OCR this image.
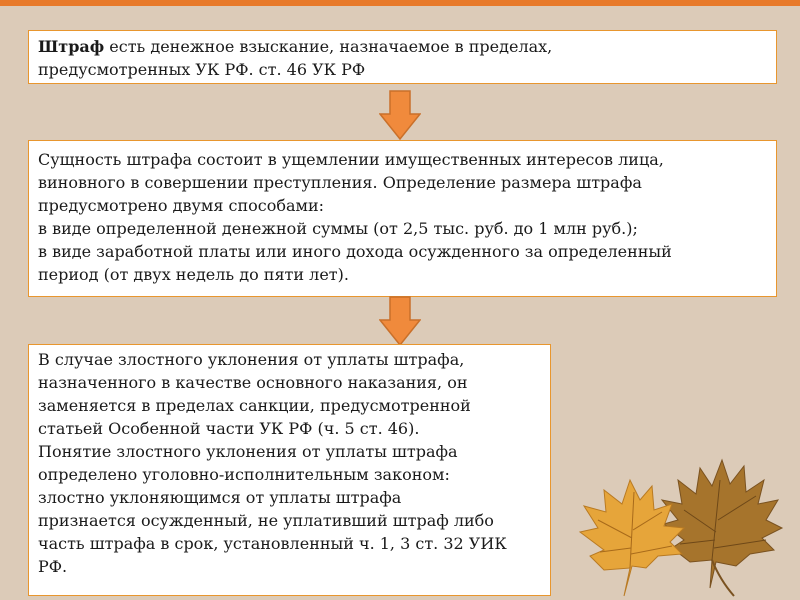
Штраф есть денежное взыскание, назначаемое в пределах,

предусмотренных УК РФ. ст. 46 УК РФ

Сущность штрафа состоит в ущемлении имущественных интересов лица,

виновного в совершении преступления. Определение размера штрафа

предусмотрено двумя способами:

в виде определенной денежной суммы (от 2,5 тыс. руб. до 1 млн руб.);

в виде заработной платы или иного дохода осужденного за определенный

период (от двух недель до пяти лет).

В случае злостного уклонения от уплаты штрафа,

назначенного в качестве основного наказания, он

заменяется в пределах санкции, предусмотренной

статьей Особенной части УК РФ (ч. 5 ст. 46).

Понятие злостного уклонения от уплаты штрафа

определено уголовно-исполнительным законом:

злостно уклоняющимся от уплаты штрафа

признается осужденный, не уплативший штраф либо

часть штрафа в срок, установленный ч. 1, 3 ст. 32 УИК

РФ.
